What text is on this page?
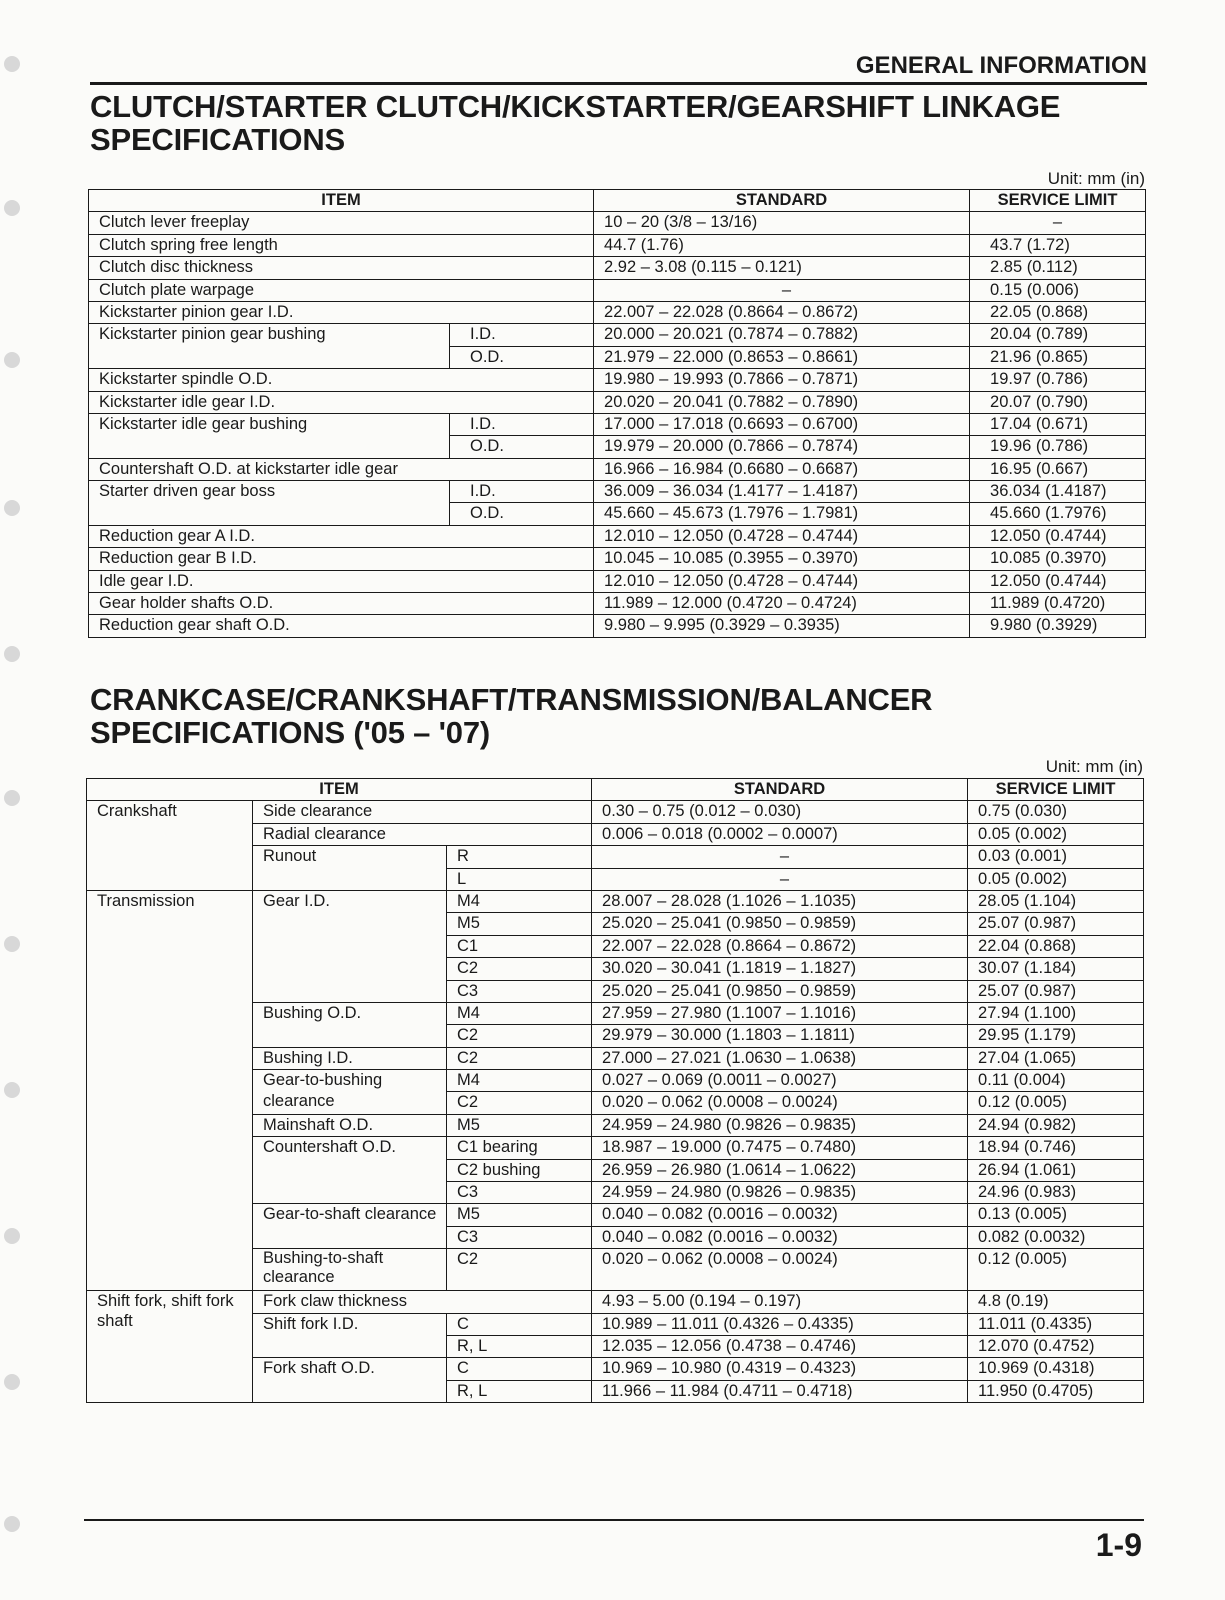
GENERAL INFORMATION
CLUTCH/STARTER CLUTCH/KICKSTARTER/GEARSHIFT LINKAGE
SPECIFICATIONS
Unit: mm (in)
ITEM		STANDARD	SERVICE LIMIT
Clutch lever freeplay		10 – 20 (3/8 – 13/16)	–
Clutch spring free length		44.7 (1.76)	43.7 (1.72)
Clutch disc thickness		2.92 – 3.08 (0.115 – 0.121)	2.85 (0.112)
Clutch plate warpage		–	0.15 (0.006)
Kickstarter pinion gear I.D.		22.007 – 22.028 (0.8664 – 0.8672)	22.05 (0.868)
Kickstarter pinion gear bushing	I.D.	20.000 – 20.021 (0.7874 – 0.7882)	20.04 (0.789)
	O.D.	21.979 – 22.000 (0.8653 – 0.8661)	21.96 (0.865)
Kickstarter spindle O.D.		19.980 – 19.993 (0.7866 – 0.7871)	19.97 (0.786)
Kickstarter idle gear I.D.		20.020 – 20.041 (0.7882 – 0.7890)	20.07 (0.790)
Kickstarter idle gear bushing	I.D.	17.000 – 17.018 (0.6693 – 0.6700)	17.04 (0.671)
	O.D.	19.979 – 20.000 (0.7866 – 0.7874)	19.96 (0.786)
Countershaft O.D. at kickstarter idle gear		16.966 – 16.984 (0.6680 – 0.6687)	16.95 (0.667)
Starter driven gear boss	I.D.	36.009 – 36.034 (1.4177 – 1.4187)	36.034 (1.4187)
	O.D.	45.660 – 45.673 (1.7976 – 1.7981)	45.660 (1.7976)
Reduction gear A I.D.		12.010 – 12.050 (0.4728 – 0.4744)	12.050 (0.4744)
Reduction gear B I.D.		10.045 – 10.085 (0.3955 – 0.3970)	10.085 (0.3970)
Idle gear I.D.		12.010 – 12.050 (0.4728 – 0.4744)	12.050 (0.4744)
Gear holder shafts O.D.		11.989 – 12.000 (0.4720 – 0.4724)	11.989 (0.4720)
Reduction gear shaft O.D.		9.980 – 9.995 (0.3929 – 0.3935)	9.980 (0.3929)
CRANKCASE/CRANKSHAFT/TRANSMISSION/BALANCER
SPECIFICATIONS ('05 – '07)
Unit: mm (in)
ITEM			STANDARD	SERVICE LIMIT
Crankshaft	Side clearance		0.30 – 0.75 (0.012 – 0.030)	0.75 (0.030)
	Radial clearance		0.006 – 0.018 (0.0002 – 0.0007)	0.05 (0.002)
	Runout	R	–	0.03 (0.001)
		L	–	0.05 (0.002)
Transmission	Gear I.D.	M4	28.007 – 28.028 (1.1026 – 1.1035)	28.05 (1.104)
		M5	25.020 – 25.041 (0.9850 – 0.9859)	25.07 (0.987)
		C1	22.007 – 22.028 (0.8664 – 0.8672)	22.04 (0.868)
		C2	30.020 – 30.041 (1.1819 – 1.1827)	30.07 (1.184)
		C3	25.020 – 25.041 (0.9850 – 0.9859)	25.07 (0.987)
	Bushing O.D.	M4	27.959 – 27.980 (1.1007 – 1.1016)	27.94 (1.100)
		C2	29.979 – 30.000 (1.1803 – 1.1811)	29.95 (1.179)
	Bushing I.D.	C2	27.000 – 27.021 (1.0630 – 1.0638)	27.04 (1.065)
	Gear-to-bushing clearance	M4	0.027 – 0.069 (0.0011 – 0.0027)	0.11 (0.004)
		C2	0.020 – 0.062 (0.0008 – 0.0024)	0.12 (0.005)
	Mainshaft O.D.	M5	24.959 – 24.980 (0.9826 – 0.9835)	24.94 (0.982)
	Countershaft O.D.	C1 bearing	18.987 – 19.000 (0.7475 – 0.7480)	18.94 (0.746)
		C2 bushing	26.959 – 26.980 (1.0614 – 1.0622)	26.94 (1.061)
		C3	24.959 – 24.980 (0.9826 – 0.9835)	24.96 (0.983)
	Gear-to-shaft clearance	M5	0.040 – 0.082 (0.0016 – 0.0032)	0.13 (0.005)
		C3	0.040 – 0.082 (0.0016 – 0.0032)	0.082 (0.0032)
	Bushing-to-shaft clearance	C2	0.020 – 0.062 (0.0008 – 0.0024)	0.12 (0.005)
Shift fork, shift fork shaft	Fork claw thickness		4.93 – 5.00 (0.194 – 0.197)	4.8 (0.19)
	Shift fork I.D.	C	10.989 – 11.011 (0.4326 – 0.4335)	11.011 (0.4335)
		R, L	12.035 – 12.056 (0.4738 – 0.4746)	12.070 (0.4752)
	Fork shaft O.D.	C	10.969 – 10.980 (0.4319 – 0.4323)	10.969 (0.4318)
		R, L	11.966 – 11.984 (0.4711 – 0.4718)	11.950 (0.4705)
1-9
